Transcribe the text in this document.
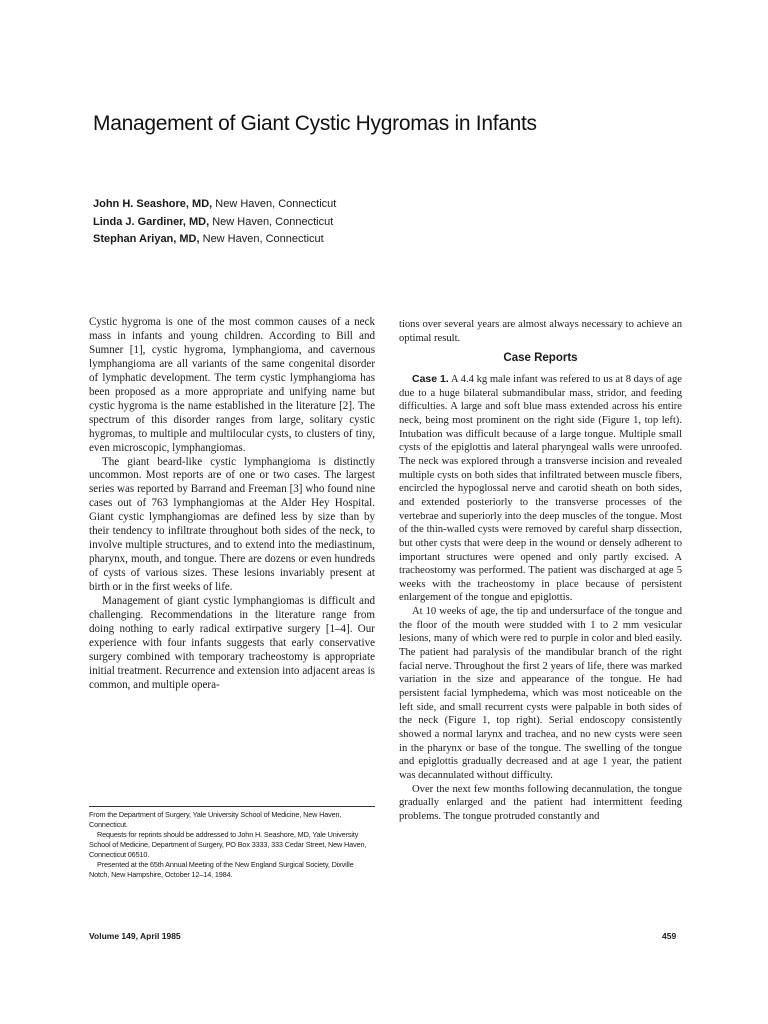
Management of Giant Cystic Hygromas in Infants
John H. Seashore, MD, New Haven, Connecticut
Linda J. Gardiner, MD, New Haven, Connecticut
Stephan Ariyan, MD, New Haven, Connecticut

Cystic hygroma is one of the most common causes of a neck mass in infants and young children. According to Bill and Sumner [1], cystic hygroma, lymphangioma, and cavernous lymphangioma are all variants of the same congenital disorder of lymphatic development. The term cystic lymphangioma has been proposed as a more appropriate and unifying name but cystic hygroma is the name established in the literature [2]. The spectrum of this disorder ranges from large, solitary cystic hygromas, to multiple and multilocular cysts, to clusters of tiny, even microscopic, lymphangiomas.

The giant beard-like cystic lymphangioma is distinctly uncommon. Most reports are of one or two cases. The largest series was reported by Barrand and Freeman [3] who found nine cases out of 763 lymphangiomas at the Alder Hey Hospital. Giant cystic lymphangiomas are defined less by size than by their tendency to infiltrate throughout both sides of the neck, to involve multiple structures, and to extend into the mediastinum, pharynx, mouth, and tongue. There are dozens or even hundreds of cysts of various sizes. These lesions invariably present at birth or in the first weeks of life.

Management of giant cystic lymphangiomas is difficult and challenging. Recommendations in the literature range from doing nothing to early radical extirpative surgery [1–4]. Our experience with four infants suggests that early conservative surgery combined with temporary tracheostomy is appropriate initial treatment. Recurrence and extension into adjacent areas is common, and multiple opera-

From the Department of Surgery, Yale University School of Medicine, New Haven, Connecticut.

Requests for reprints should be addressed to John H. Seashore, MD, Yale University School of Medicine, Department of Surgery, PO Box 3333, 333 Cedar Street, New Haven, Connecticut 06510.

Presented at the 65th Annual Meeting of the New England Surgical Society, Dixville Notch, New Hampshire, October 12–14, 1984.

tions over several years are almost always necessary to achieve an optimal result.

Case Reports

Case 1. A 4.4 kg male infant was refered to us at 8 days of age due to a huge bilateral submandibular mass, stridor, and feeding difficulties. A large and soft blue mass extended across his entire neck, being most prominent on the right side (Figure 1, top left). Intubation was difficult because of a large tongue. Multiple small cysts of the epiglottis and lateral pharyngeal walls were unroofed. The neck was explored through a transverse incision and revealed multiple cysts on both sides that infiltrated between muscle fibers, encircled the hypoglossal nerve and carotid sheath on both sides, and extended posteriorly to the transverse processes of the vertebrae and superiorly into the deep muscles of the tongue. Most of the thin-walled cysts were removed by careful sharp dissection, but other cysts that were deep in the wound or densely adherent to important structures were opened and only partly excised. A tracheostomy was performed. The patient was discharged at age 5 weeks with the tracheostomy in place because of persistent enlargement of the tongue and epiglottis.

At 10 weeks of age, the tip and undersurface of the tongue and the floor of the mouth were studded with 1 to 2 mm vesicular lesions, many of which were red to purple in color and bled easily. The patient had paralysis of the mandibular branch of the right facial nerve. Throughout the first 2 years of life, there was marked variation in the size and appearance of the tongue. He had persistent facial lymphedema, which was most noticeable on the left side, and small recurrent cysts were palpable in both sides of the neck (Figure 1, top right). Serial endoscopy consistently showed a normal larynx and trachea, and no new cysts were seen in the pharynx or base of the tongue. The swelling of the tongue and epiglottis gradually decreased and at age 1 year, the patient was decannulated without difficulty.

Over the next few months following decannulation, the tongue gradually enlarged and the patient had intermittent feeding problems. The tongue protruded constantly and

Volume 149, April 1985	459
